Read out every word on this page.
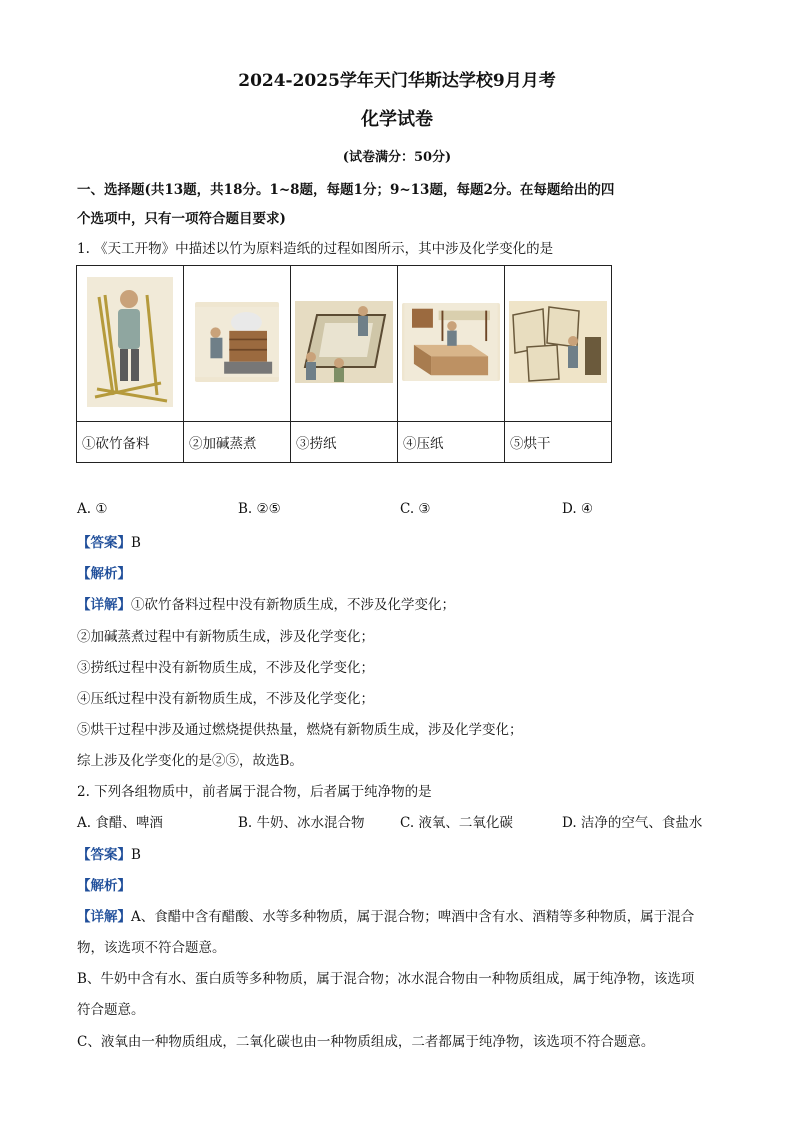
2024-2025学年天门华斯达学校9月月考
化学试卷
(试卷满分：50分)
一、选择题(共13题，共18分。1~8题，每题1分；9~13题，每题2分。在每题给出的四
个选项中，只有一项符合题目要求)
1. 《天工开物》中描述以竹为原料造纸的过程如图所示，其中涉及化学变化的是

①砍竹备料	②加碱蒸煮	③捞纸	④压纸	⑤烘干
A. ①	B. ②⑤	C. ③	D. ④
【答案】B
【解析】
【详解】①砍竹备料过程中没有新物质生成，不涉及化学变化；
②加碱蒸煮过程中有新物质生成，涉及化学变化；
③捞纸过程中没有新物质生成，不涉及化学变化；
④压纸过程中没有新物质生成，不涉及化学变化；
⑤烘干过程中涉及通过燃烧提供热量，燃烧有新物质生成，涉及化学变化；
综上涉及化学变化的是②⑤，故选B。
2. 下列各组物质中，前者属于混合物，后者属于纯净物的是
A. 食醋、啤酒	B. 牛奶、冰水混合物	C. 液氧、二氧化碳	D. 洁净的空气、食盐水
【答案】B
【解析】
【详解】A、食醋中含有醋酸、水等多种物质，属于混合物；啤酒中含有水、酒精等多种物质，属于混合
物，该选项不符合题意。
B、牛奶中含有水、蛋白质等多种物质，属于混合物；冰水混合物由一种物质组成，属于纯净物，该选项
符合题意。
C、液氧由一种物质组成，二氧化碳也由一种物质组成，二者都属于纯净物，该选项不符合题意。
